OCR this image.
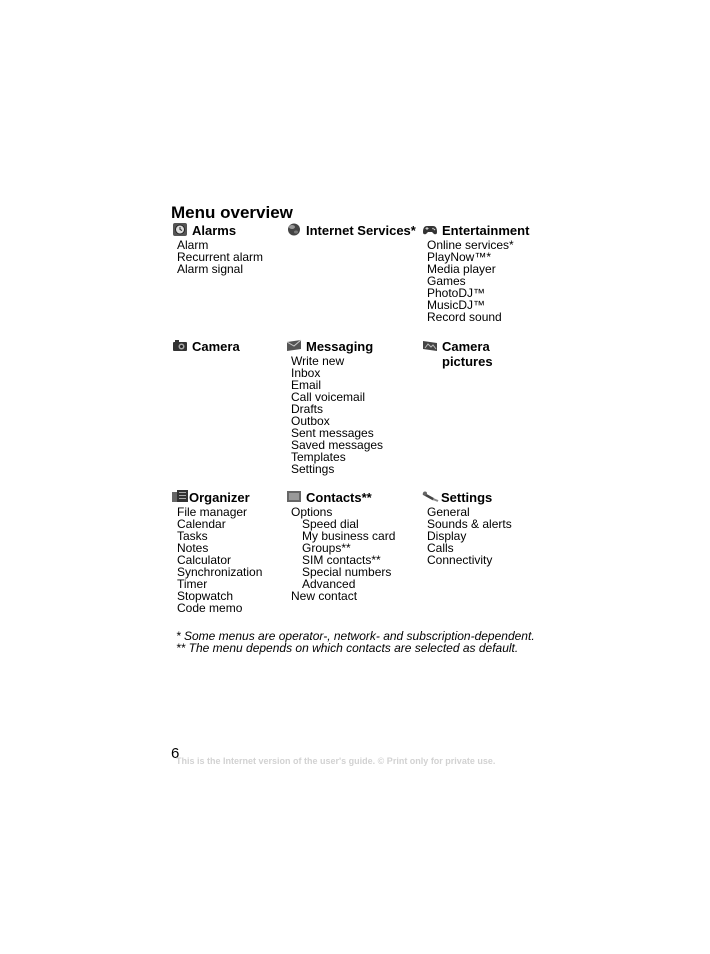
Menu overview
Alarms
Alarm
Recurrent alarm
Alarm signal
Internet Services* Entertainment
Online services*
PlayNow™*
Media player
Games
PhotoDJ™
MusicDJ™
Record sound
Camera	Messaging
Write new
Inbox
Email
Call voicemail
Drafts
Outbox
Sent messages
Saved messages
Templates
Settings
Camera pictures
Organizer
File manager
Calendar
Tasks
Notes
Calculator
Synchronization
Timer
Stopwatch
Code memo
Contacts**
Options
Speed dial
My business card
Groups**
SIM contacts**
Special numbers
Advanced
New contact
Settings
General
Sounds & alerts
Display
Calls
Connectivity
* Some menus are operator-, network- and subscription-dependent.
** The menu depends on which contacts are selected as default.
6
This is the Internet version of the user's guide. © Print only for private use.
